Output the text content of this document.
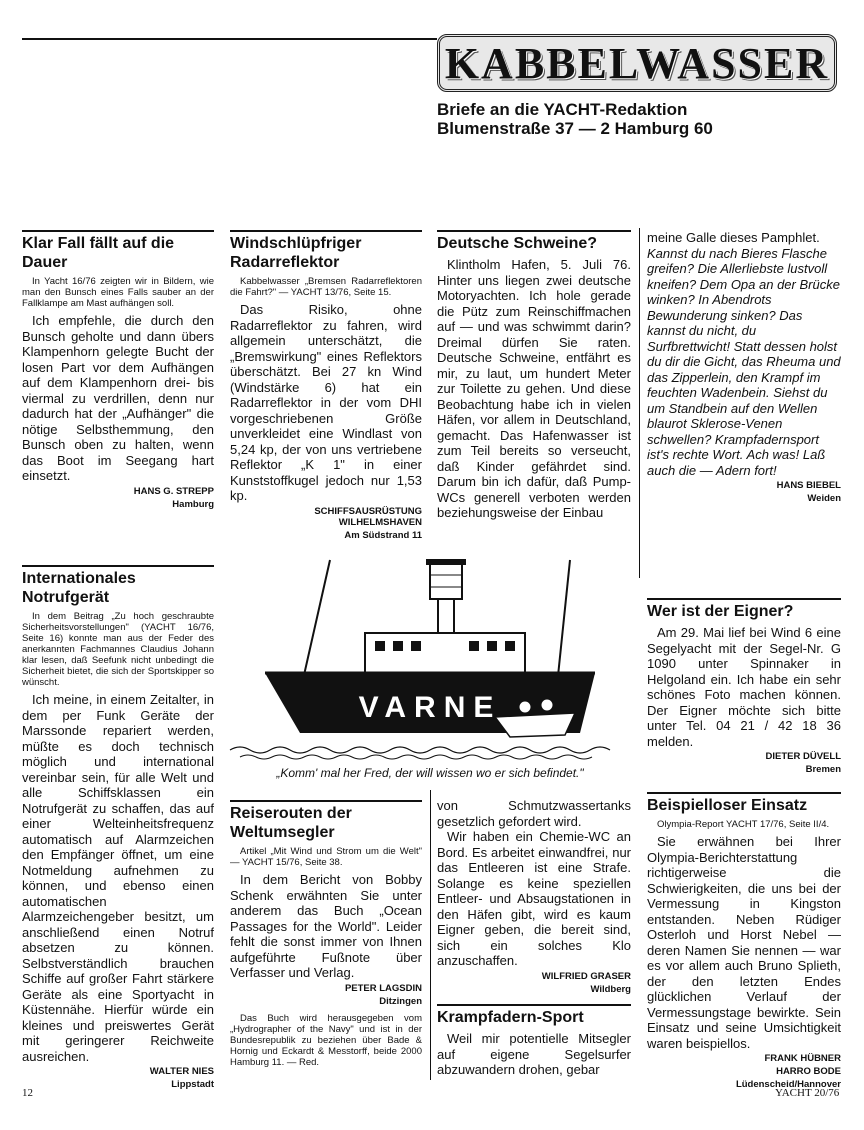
KABBELWASSER
Briefe an die YACHT-Redaktion
Blumenstraße 37 — 2 Hamburg 60
Klar Fall fällt auf die Dauer

In Yacht 16/76 zeigten wir in Bildern, wie man den Bunsch eines Falls sauber an der Fallklampe am Mast aufhängen soll.

Ich empfehle, die durch den Bunsch geholte und dann übers Klampenhorn gelegte Bucht der losen Part vor dem Aufhängen auf dem Klampenhorn drei- bis viermal zu verdrillen, denn nur dadurch hat der „Aufhänger" die nötige Selbsthemmung, den Bunsch oben zu halten, wenn das Boot im Seegang hart einsetzt.

HANS G. STREPP
Hamburg
Internationales Notrufgerät

In dem Beitrag „Zu hoch geschraubte Sicherheitsvorstellungen" (YACHT 16/76, Seite 16) konnte man aus der Feder des anerkannten Fachmannes Claudius Johann klar lesen, daß Seefunk nicht unbedingt die Sicherheit bietet, die sich der Sportskipper so wünscht.

Ich meine, in einem Zeitalter, in dem per Funk Geräte der Marssonde repariert werden, müßte es doch technisch möglich und international vereinbar sein, für alle Welt und alle Schiffsklassen ein Notrufgerät zu schaffen, das auf einer Welteinheitsfrequenz automatisch auf Alarmzeichen den Empfänger öffnet, um eine Notmeldung aufnehmen zu können, und ebenso einen automatischen Alarmzeichengeber besitzt, um anschließend einen Notruf absetzen zu können. Selbstverständlich brauchen Schiffe auf großer Fahrt stärkere Geräte als eine Sportyacht in Küstennähe. Hierfür würde ein kleines und preiswertes Gerät mit geringerer Reichweite ausreichen.

WALTER NIES
Lippstadt
Windschlüpfriger Radarreflektor

Kabbelwasser „Bremsen Radarreflektoren die Fahrt?" — YACHT 13/76, Seite 15.

Das Risiko, ohne Radarreflektor zu fahren, wird allgemein unterschätzt, die „Bremswirkung" eines Reflektors überschätzt. Bei 27 kn Wind (Windstärke 6) hat ein Radarreflektor in der vom DHI vorgeschriebenen Größe unverkleidet eine Windlast von 5,24 kp, der von uns vertriebene Reflektor „K 1" in einer Kunststoffkugel jedoch nur 1,53 kp.

SCHIFFSAUSRÜSTUNG WILHELMSHAVEN
Am Südstrand 11
Deutsche Schweine?

Klintholm Hafen, 5. Juli 76. Hinter uns liegen zwei deutsche Motoryachten. Ich hole gerade die Pütz zum Reinschiffmachen auf — und was schwimmt darin? Dreimal dürfen Sie raten. Deutsche Schweine, entfährt es mir, zu laut, um hundert Meter zur Toilette zu gehen. Und diese Beobachtung habe ich in vielen Häfen, vor allem in Deutschland, gemacht. Das Hafenwasser ist zum Teil bereits so verseucht, daß Kinder gefährdet sind. Darum bin ich dafür, daß Pump-WCs generell verboten werden beziehungsweise der Einbau

meine Galle dieses Pamphlet.

Kannst du nach Bieres Flasche greifen? Die Allerliebste lustvoll kneifen? Dem Opa an der Brücke winken? In Abendrots Bewunderung sinken? Das kannst du nicht, du Surfbrettwicht! Statt dessen holst du dir die Gicht, das Rheuma und das Zipperlein, den Krampf im feuchten Wadenbein. Siehst du um Standbein auf den Wellen blaurot Sklerose-Venen schwellen? Krampfadernsport ist's rechte Wort. Ach was! Laß auch die — Adern fort!

HANS BIEBEL
Weiden
Wer ist der Eigner?

Am 29. Mai lief bei Wind 6 eine Segelyacht mit der Segel-Nr. G 1090 unter Spinnaker in Helgoland ein. Ich habe ein sehr schönes Foto machen können. Der Eigner möchte sich bitte unter Tel. 04 21 / 42 18 36 melden.

DIETER DÜVELL
Bremen
Beispielloser Einsatz

Olympia-Report YACHT 17/76, Seite II/4.

Sie erwähnen bei Ihrer Olympia-Berichterstattung richtigerweise die Schwierigkeiten, die uns bei der Vermessung in Kingston entstanden. Neben Rüdiger Osterloh und Horst Nebel — deren Namen Sie nennen — war es vor allem auch Bruno Splieth, der den letzten Endes glücklichen Verlauf der Vermessungstage bewirkte. Sein Einsatz und seine Umsichtigkeit waren beispiellos.

FRANK HÜBNER
HARRO BODE
Lüdenscheid/Hannover
VARNE
„Komm' mal her Fred, der will wissen wo er sich befindet."
Reiserouten der Weltumsegler

Artikel „Mit Wind und Strom um die Welt" — YACHT 15/76, Seite 38.

In dem Bericht von Bobby Schenk erwähnten Sie unter anderem das Buch „Ocean Passages for the World". Leider fehlt die sonst immer von Ihnen aufgeführte Fußnote über Verfasser und Verlag.

PETER LAGSDIN
Ditzingen

Das Buch wird herausgegeben vom „Hydrographer of the Navy" und ist in der Bundesrepublik zu beziehen über Bade & Hornig und Eckardt & Messtorff, beide 2000 Hamburg 11. — Red.

von Schmutzwassertanks gesetzlich gefordert wird.

Wir haben ein Chemie-WC an Bord. Es arbeitet einwandfrei, nur das Entleeren ist eine Strafe. Solange es keine speziellen Entleer- und Absaugstationen in den Häfen gibt, wird es kaum Eigner geben, die bereit sind, sich ein solches Klo anzuschaffen.

WILFRIED GRASER
Wildberg
Krampfadern-Sport

Weil mir potentielle Mitsegler auf eigene Segelsurfer abzuwandern drohen, gebar

12	YACHT 20/76
